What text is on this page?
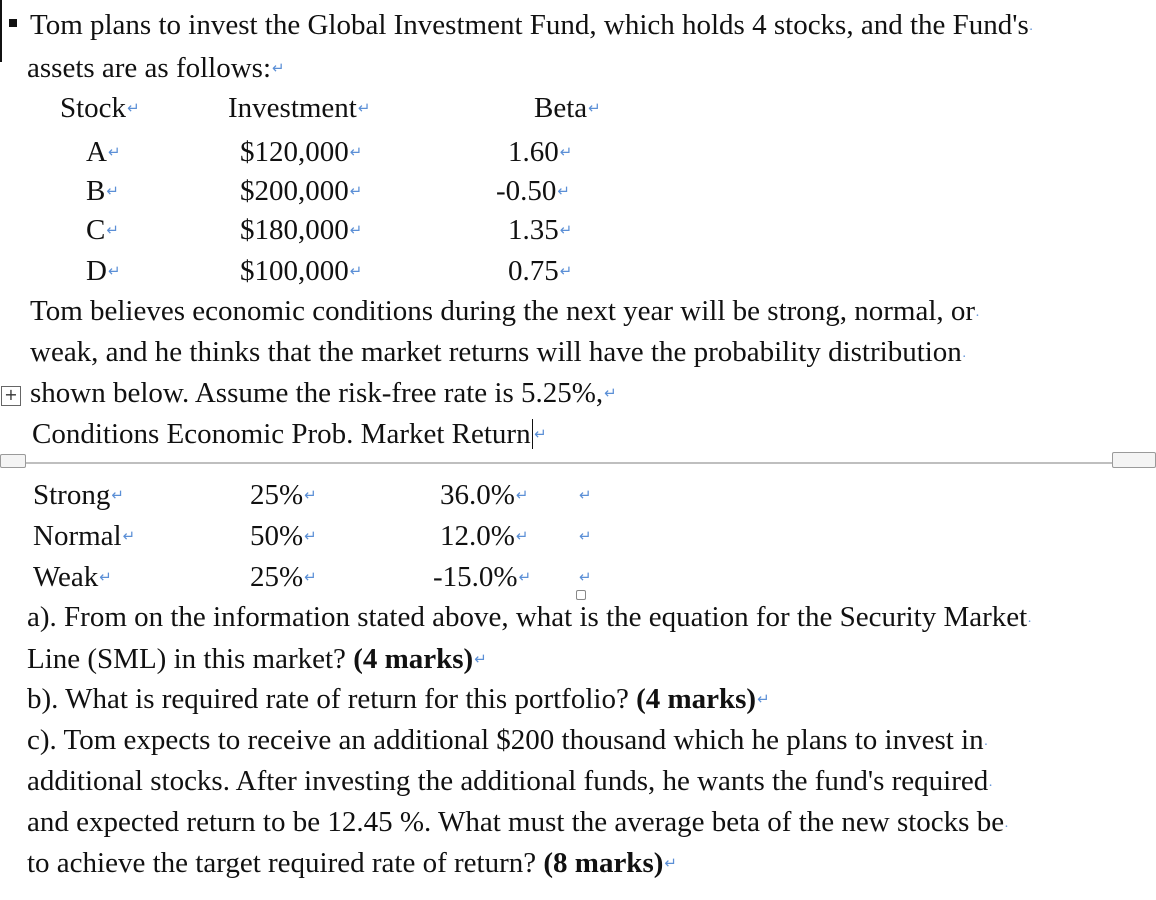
Tom plans to invest the Global Investment Fund, which holds 4 stocks, and the Fund's·
assets are as follows:↵
Stock↵	Investment↵	Beta↵
A↵	$120,000↵	1.60↵
B↵	$200,000↵	-0.50↵
C↵	$180,000↵	1.35↵
D↵	$100,000↵	0.75↵
Tom believes economic conditions during the next year will be strong, normal, or·
weak, and he thinks that the market returns will have the probability distribution·
+ shown below. Assume the risk-free rate is 5.25%,↵
Conditions Economic Prob. Market Return ↵
Strong↵	25%↵	36.0%↵	↵
Normal↵	50%↵	12.0%↵	↵
Weak↵	25%↵	-15.0%↵	↵
a). From on the information stated above, what is the equation for the Security Market·
Line (SML) in this market? (4 marks)↵
b). What is required rate of return for this portfolio? (4 marks)↵
c). Tom expects to receive an additional $200 thousand which he plans to invest in·
additional stocks. After investing the additional funds, he wants the fund's required·
and expected return to be 12.45 %. What must the average beta of the new stocks be·
to achieve the target required rate of return? (8 marks)↵
